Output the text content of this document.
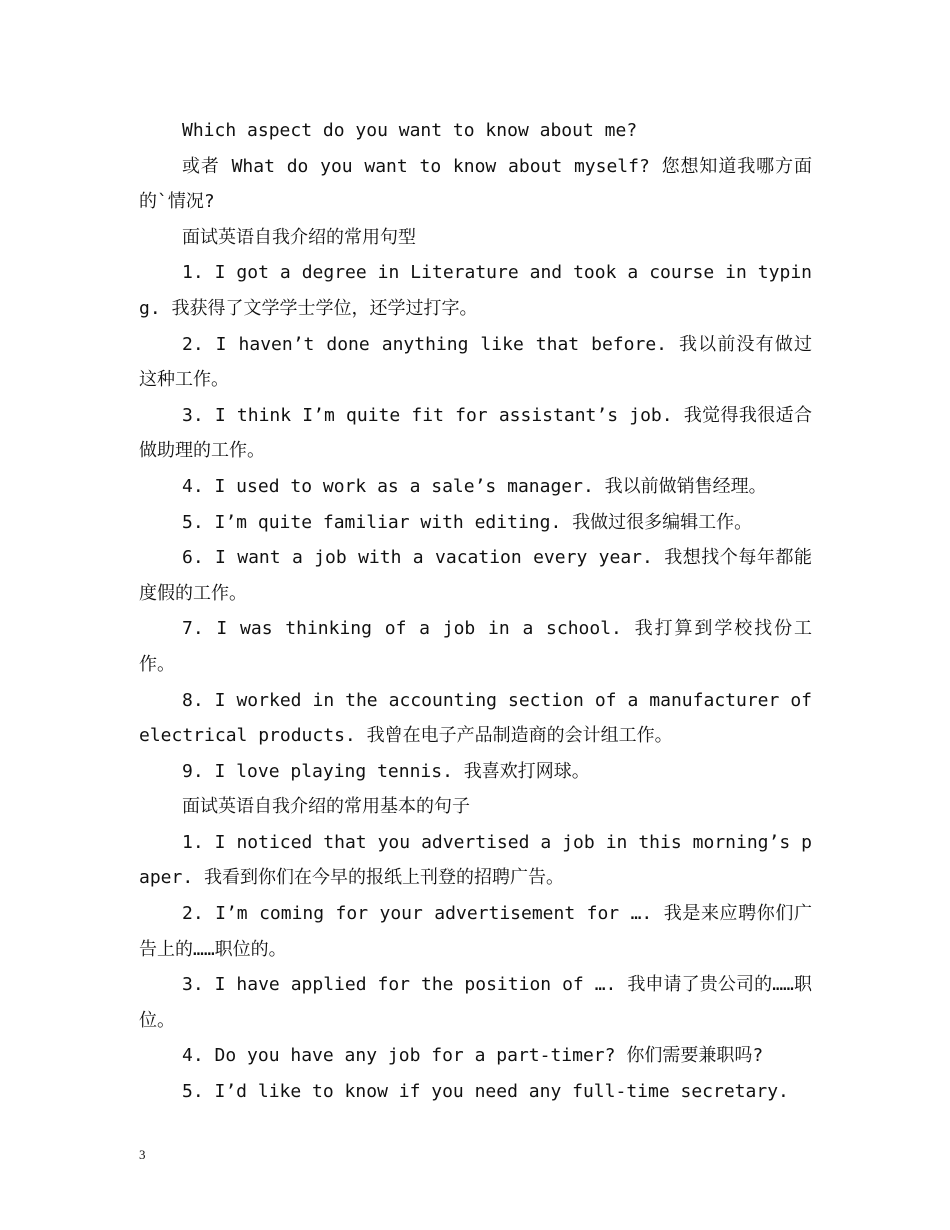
Which aspect do you want to know about me?

或者 What do you want to know about myself? 您想知道我哪方面的`情况?

面试英语自我介绍的常用句型

1. I got a degree in Literature and took a course in typing. 我获得了文学学士学位，还学过打字。

2. I haven’t done anything like that before. 我以前没有做过这种工作。

3. I think I’m quite fit for assistant’s job. 我觉得我很适合做助理的工作。

4. I used to work as a sale’s manager. 我以前做销售经理。

5. I’m quite familiar with editing. 我做过很多编辑工作。

6. I want a job with a vacation every year. 我想找个每年都能度假的工作。

7. I was thinking of a job in a school. 我打算到学校找份工作。

8. I worked in the accounting section of a manufacturer of electrical products. 我曾在电子产品制造商的会计组工作。

9. I love playing tennis. 我喜欢打网球。

面试英语自我介绍的常用基本的句子

1. I noticed that you advertised a job in this morning’s paper. 我看到你们在今早的报纸上刊登的招聘广告。

2. I’m coming for your advertisement for …. 我是来应聘你们广告上的……职位的。

3. I have applied for the position of …. 我申请了贵公司的……职位。

4. Do you have any job for a part-timer? 你们需要兼职吗?

5. I’d like to know if you need any full-time secretary.

3
